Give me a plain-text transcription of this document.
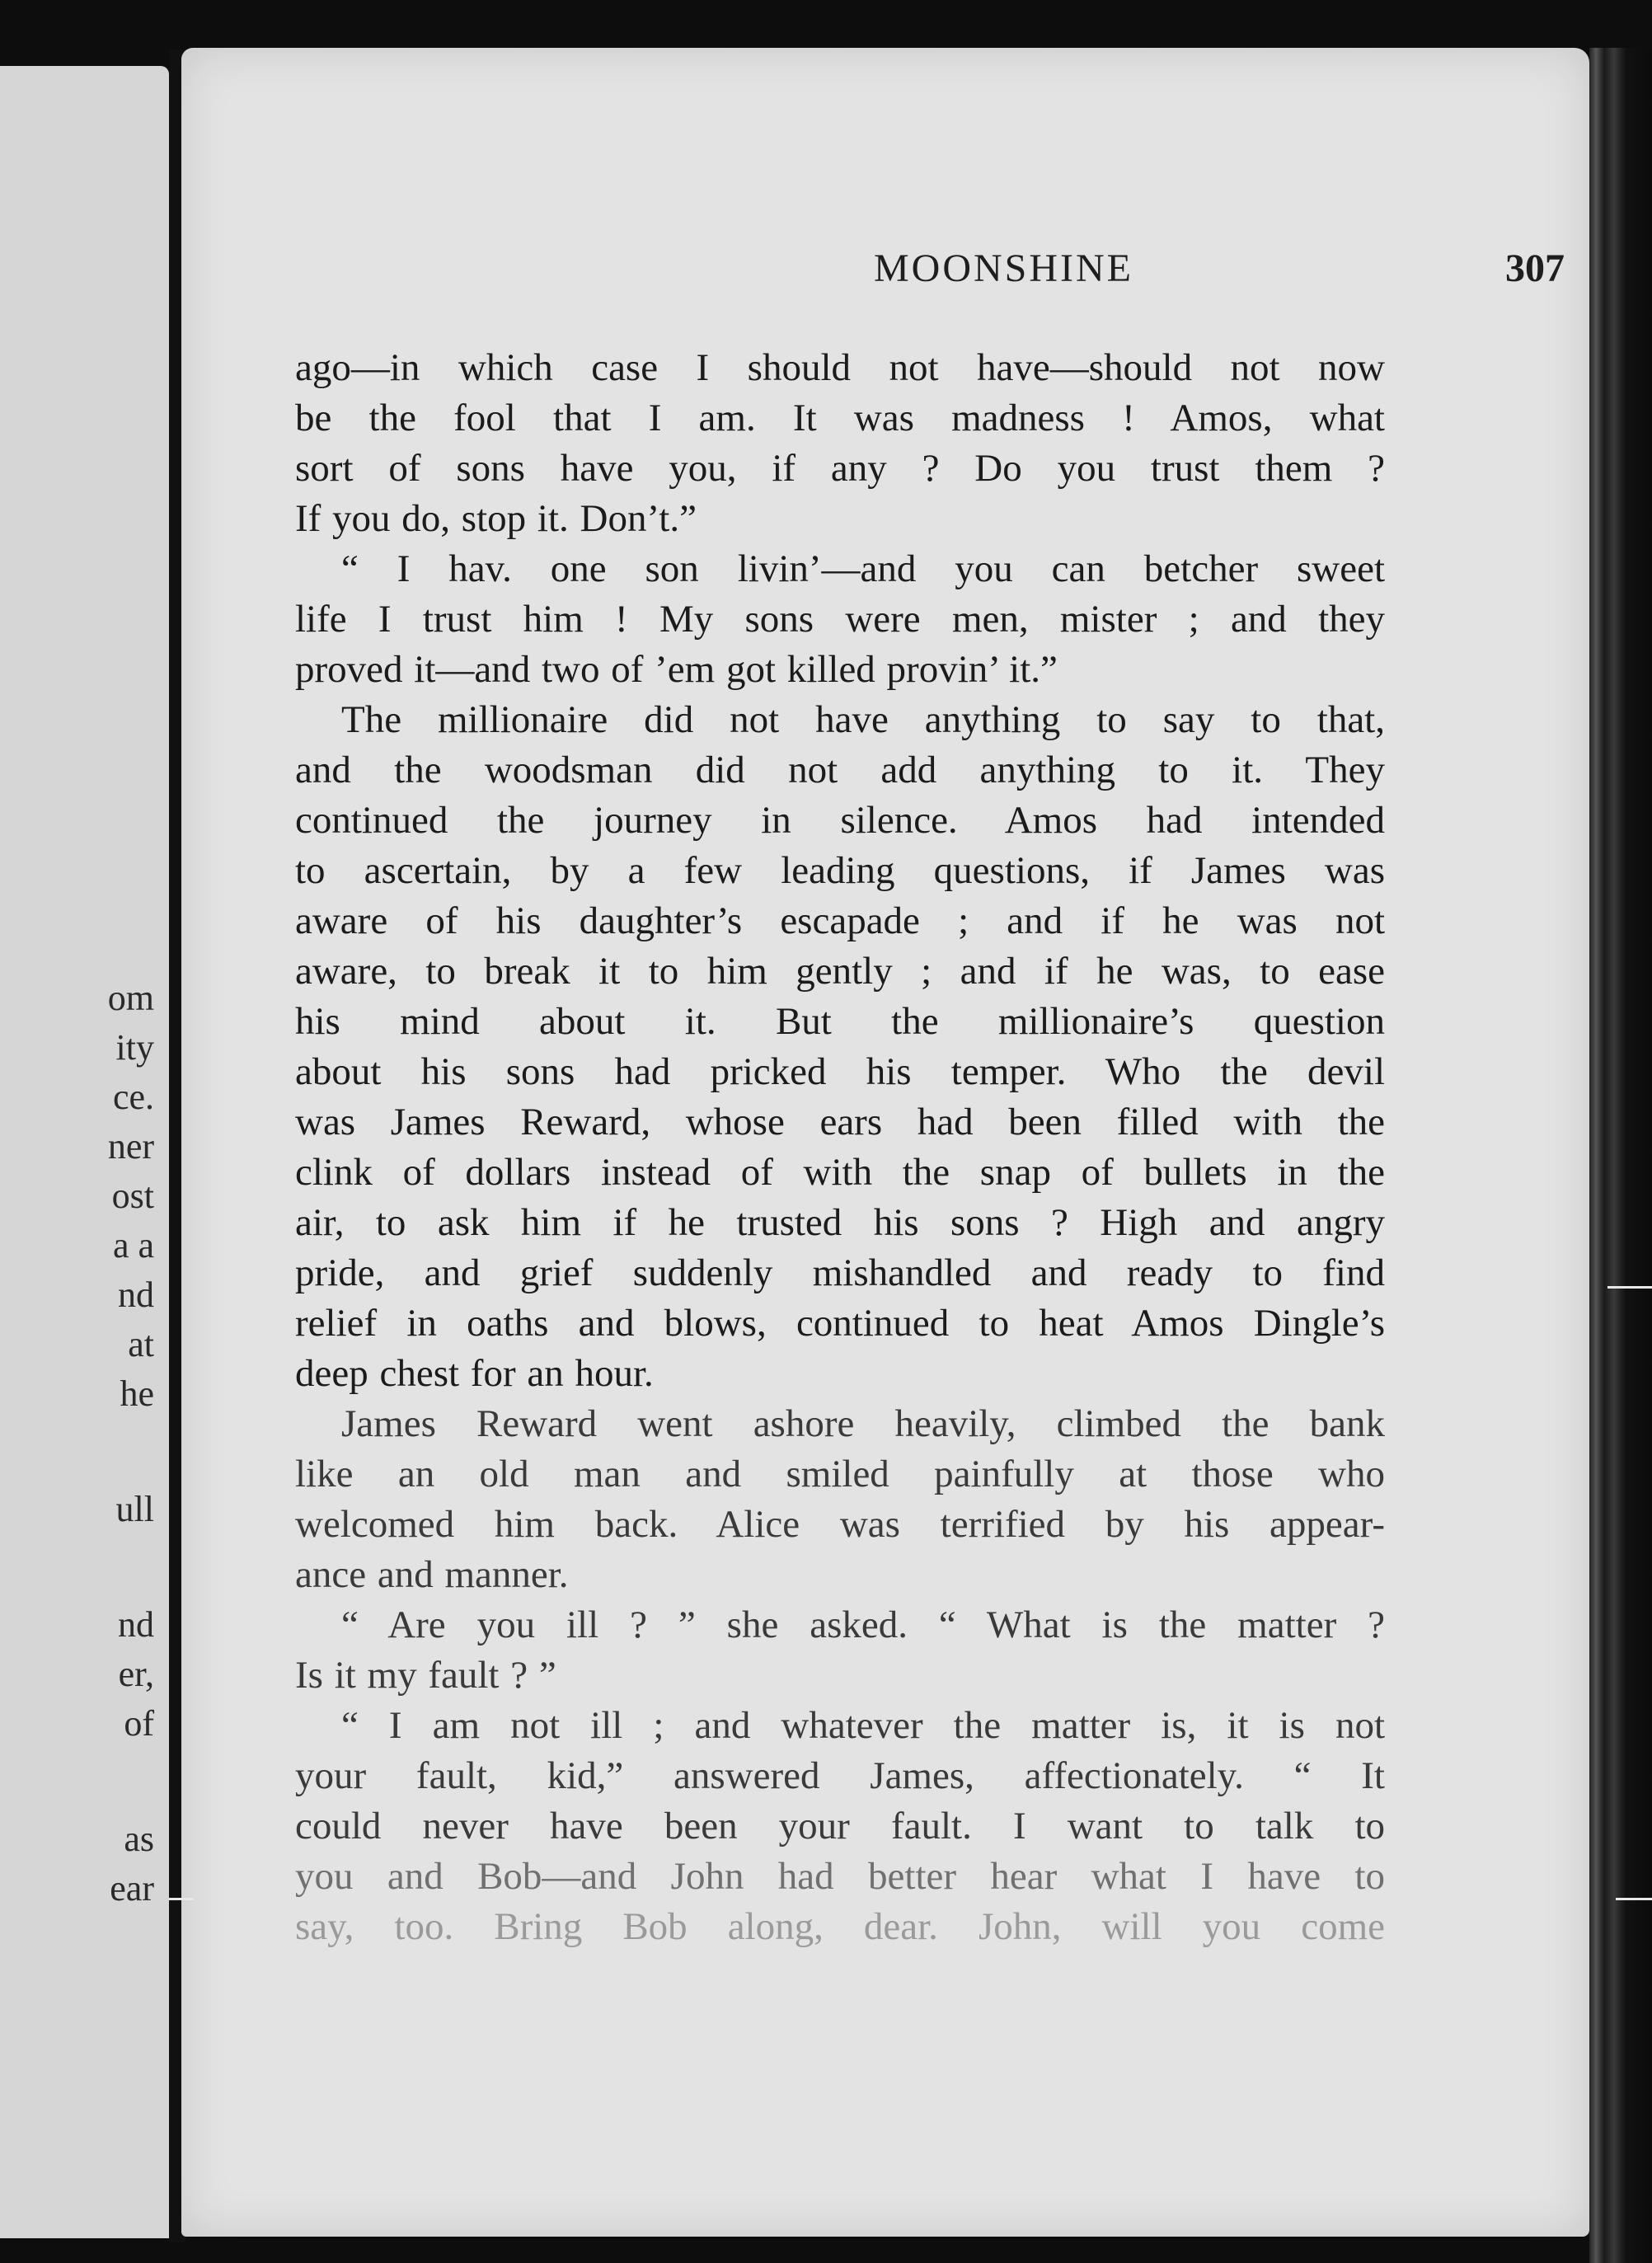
om
ity
ce.
ner
ost
a a
nd
at
he
ull
nd
er,
of
as
ear
MOONSHINE	307
ago—in which case I should not have—should not now
be the fool that I am. It was madness ! Amos, what
sort of sons have you, if any ? Do you trust them ?
If you do, stop it. Don’t.”
“ I hav. one son livin’—and you can betcher sweet
life I trust him ! My sons were men, mister ; and they
proved it—and two of ’em got killed provin’ it.”
The millionaire did not have anything to say to that,
and the woodsman did not add anything to it. They
continued the journey in silence. Amos had intended
to ascertain, by a few leading questions, if James was
aware of his daughter’s escapade ; and if he was not
aware, to break it to him gently ; and if he was, to ease
his mind about it. But the millionaire’s question
about his sons had pricked his temper. Who the devil
was James Reward, whose ears had been filled with the
clink of dollars instead of with the snap of bullets in the
air, to ask him if he trusted his sons ? High and angry
pride, and grief suddenly mishandled and ready to find
relief in oaths and blows, continued to heat Amos Dingle’s
deep chest for an hour.
James Reward went ashore heavily, climbed the bank
like an old man and smiled painfully at those who
welcomed him back. Alice was terrified by his appear-
ance and manner.
“ Are you ill ? ” she asked. “ What is the matter ?
Is it my fault ? ”
“ I am not ill ; and whatever the matter is, it is not
your fault, kid,” answered James, affectionately. “ It
could never have been your fault. I want to talk to
you and Bob—and John had better hear what I have to
say, too. Bring Bob along, dear. John, will you come
